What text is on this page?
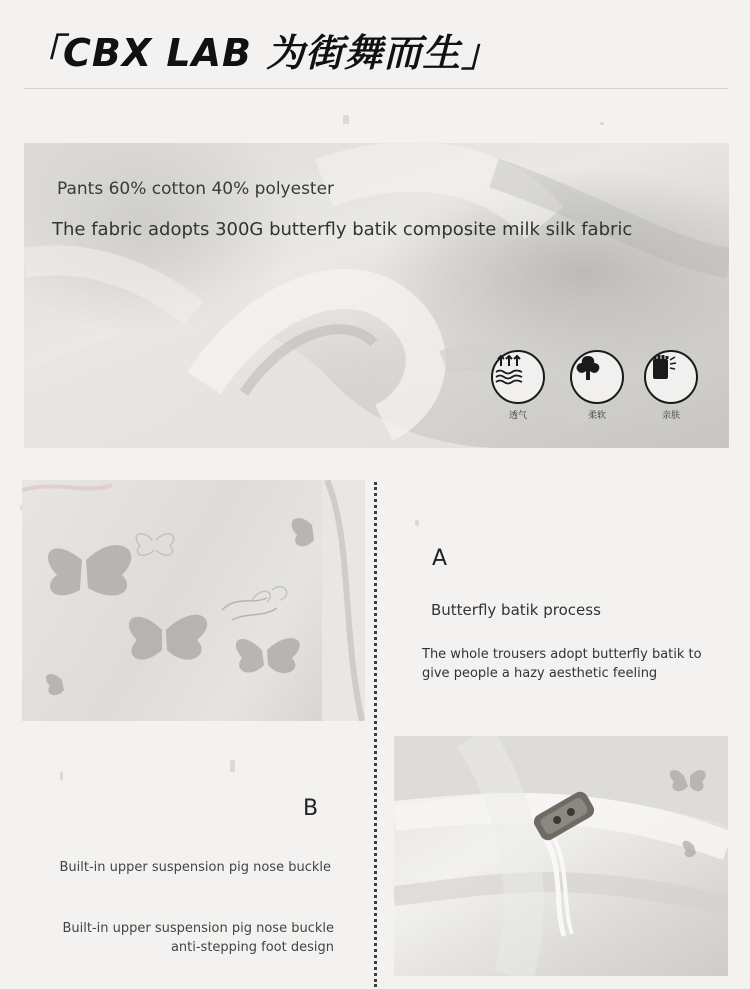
「CBX LAB 为街舞而生」
Pants 60% cotton 40% polyester
The fabric adopts 300G butterfly batik composite milk silk fabric
透气	柔软	亲肤
A
Butterfly batik process
The whole trousers adopt butterfly batik to give people a hazy aesthetic feeling
B
Built-in upper suspension pig nose buckle
Built-in upper suspension pig nose buckle
anti-stepping foot design
